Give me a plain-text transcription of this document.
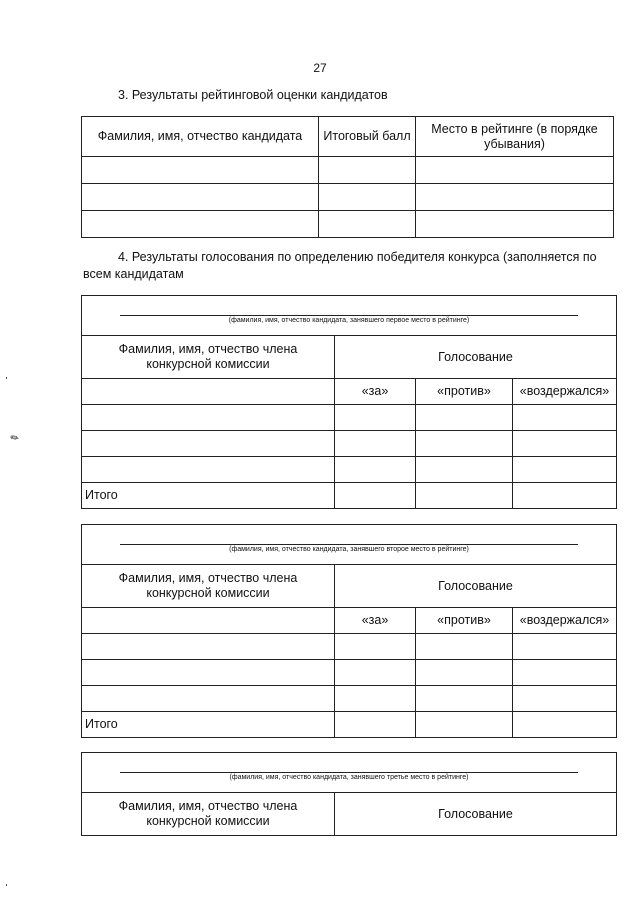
27
3. Результаты рейтинговой оценки кандидатов
Фамилия, имя, отчество кандидата	Итоговый балл	Место в рейтинге (в порядке убывания)

4. Результаты голосования по определению победителя конкурса (заполняется по всем кандидатам
(фамилия, имя, отчество кандидата, занявшего первое место в рейтинге)			

Фамилия, имя, отчество члена конкурсной комиссии	Голосование		
	«за»	«против»	«воздержался»

Итого			
(фамилия, имя, отчество кандидата, занявшего второе место в рейтинге)			

Фамилия, имя, отчество члена конкурсной комиссии	Голосование		
	«за»	«против»	«воздержался»

Итого			
(фамилия, имя, отчество кандидата, занявшего третье место в рейтинге)

Фамилия, имя, отчество члена конкурсной комиссии	Голосование
✎
